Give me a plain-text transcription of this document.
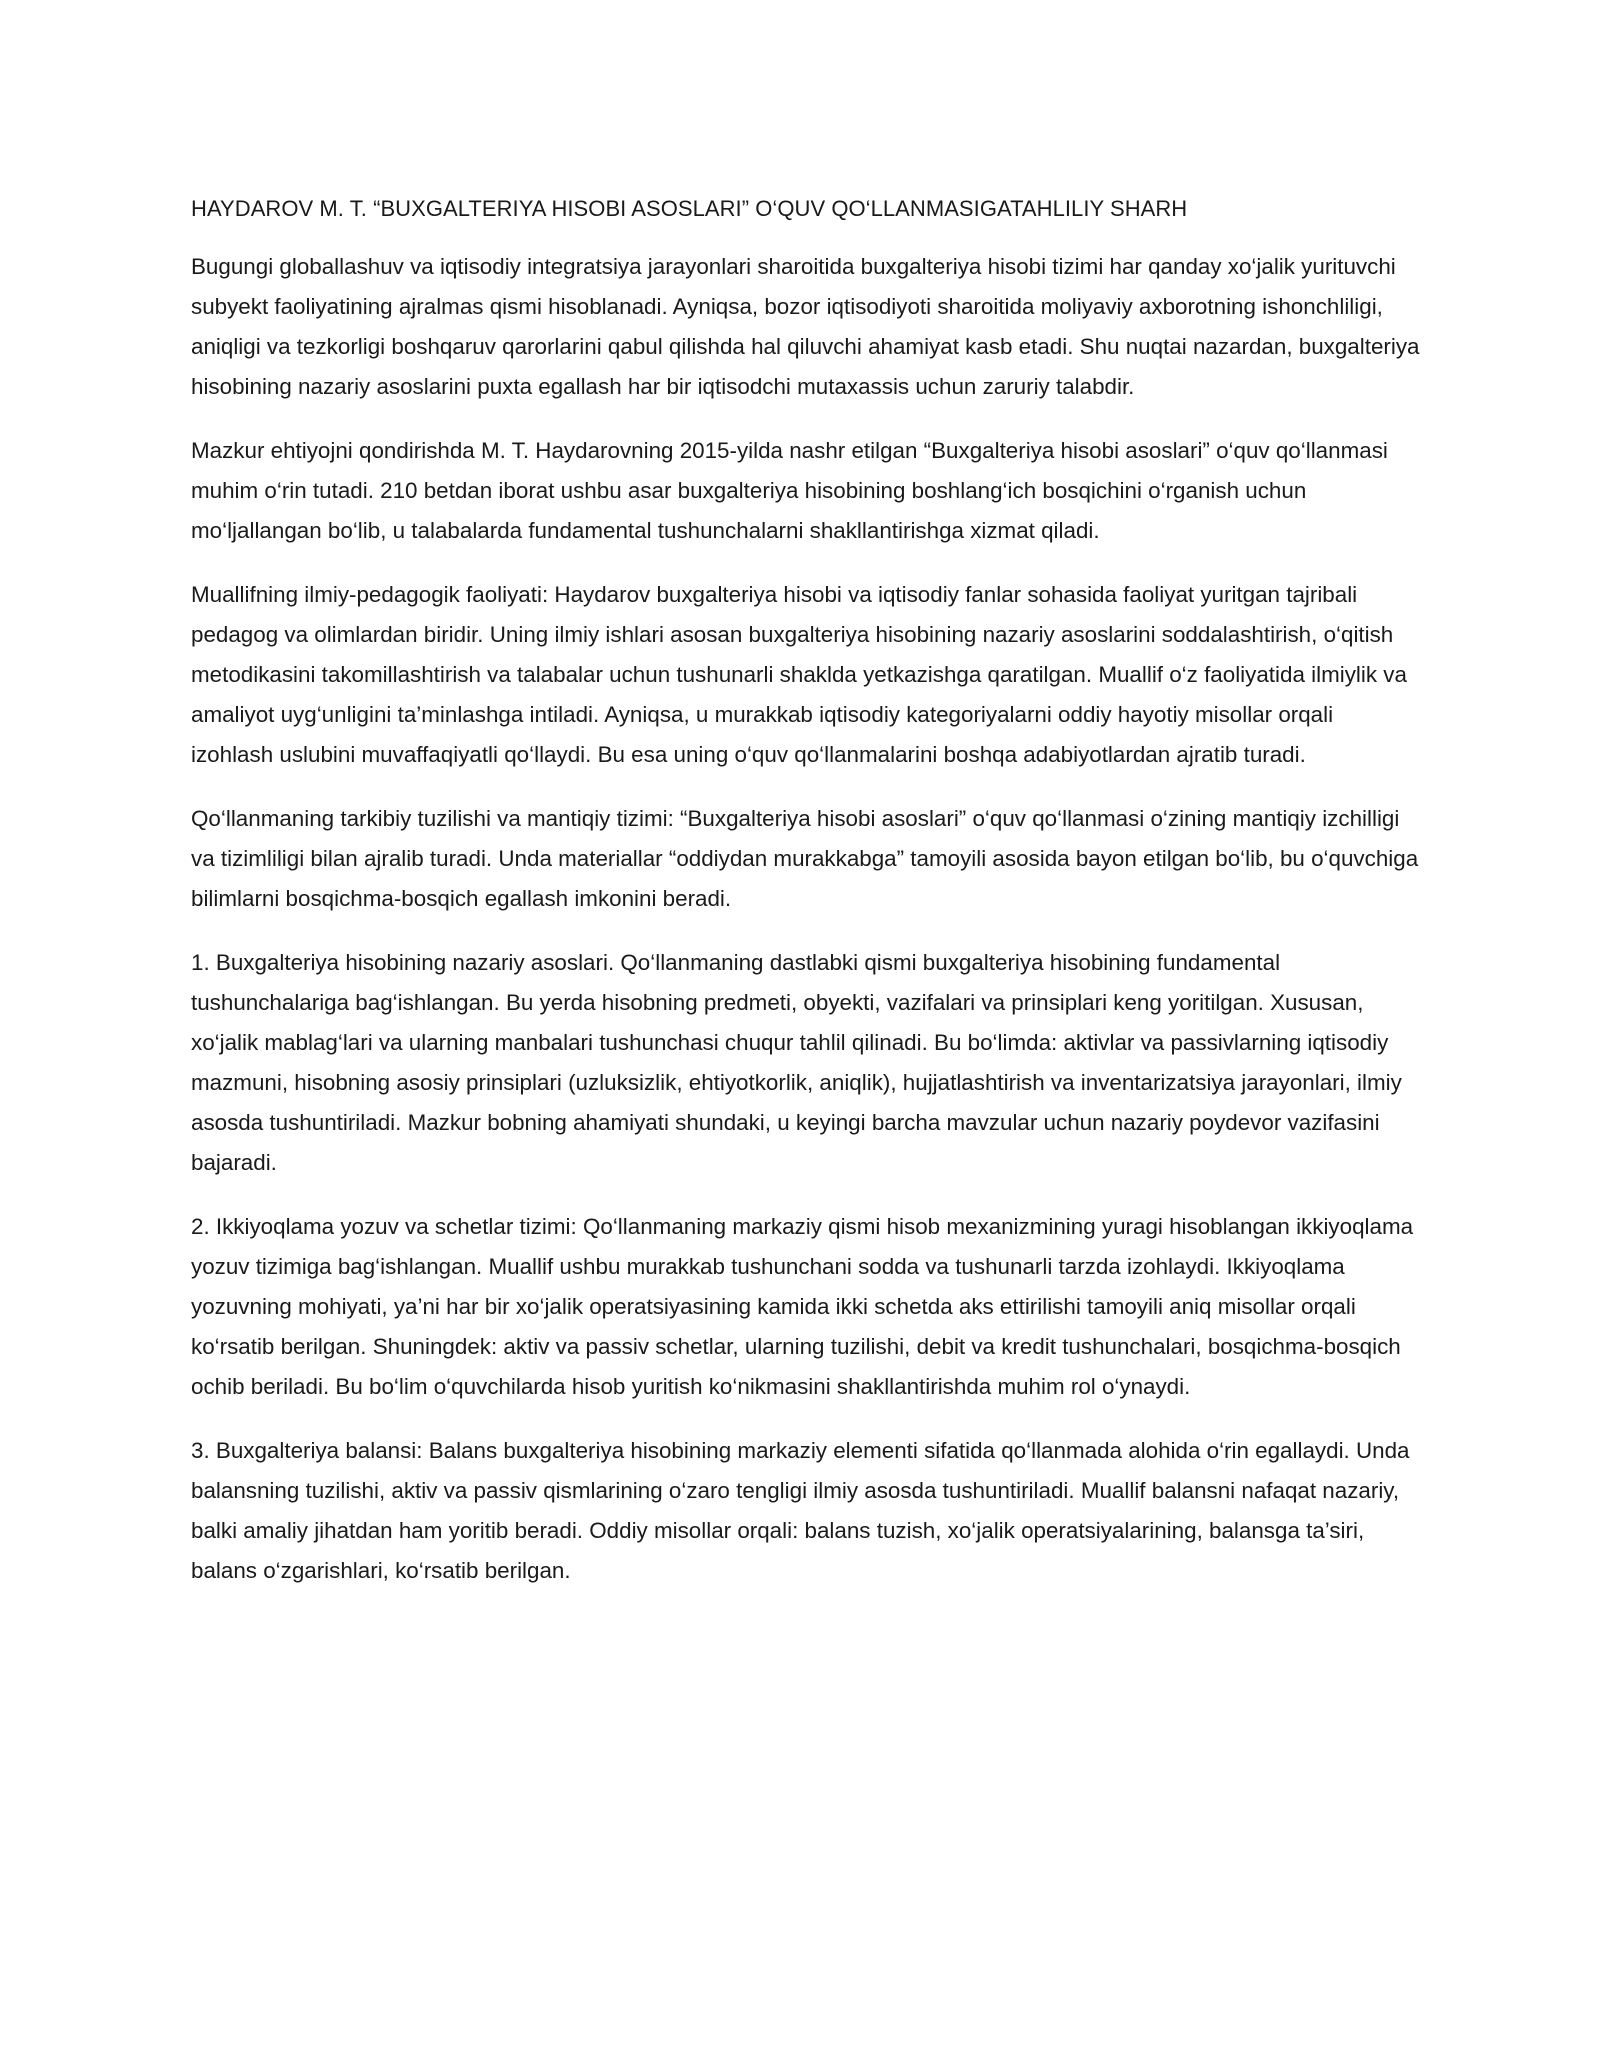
HAYDAROV M. T. “BUXGALTERIYA HISOBI ASOSLARI” O‘QUV QO‘LLANMASIGATAHLILIY SHARH

Bugungi globallashuv va iqtisodiy integratsiya jarayonlari sharoitida buxgalteriya hisobi tizimi har qanday xo‘jalik yurituvchi subyekt faoliyatining ajralmas qismi hisoblanadi. Ayniqsa, bozor iqtisodiyoti sharoitida moliyaviy axborotning ishonchliligi, aniqligi va tezkorligi boshqaruv qarorlarini qabul qilishda hal qiluvchi ahamiyat kasb etadi. Shu nuqtai nazardan, buxgalteriya hisobining nazariy asoslarini puxta egallash har bir iqtisodchi mutaxassis uchun zaruriy talabdir.

Mazkur ehtiyojni qondirishda M. T. Haydarovning 2015-yilda nashr etilgan “Buxgalteriya hisobi asoslari” o‘quv qo‘llanmasi muhim o‘rin tutadi. 210 betdan iborat ushbu asar buxgalteriya hisobining boshlang‘ich bosqichini o‘rganish uchun mo‘ljallangan bo‘lib, u talabalarda fundamental tushunchalarni shakllantirishga xizmat qiladi.

Muallifning ilmiy-pedagogik faoliyati: Haydarov buxgalteriya hisobi va iqtisodiy fanlar sohasida faoliyat yuritgan tajribali pedagog va olimlardan biridir. Uning ilmiy ishlari asosan buxgalteriya hisobining nazariy asoslarini soddalashtirish, o‘qitish metodikasini takomillashtirish va talabalar uchun tushunarli shaklda yetkazishga qaratilgan. Muallif o‘z faoliyatida ilmiylik va amaliyot uyg‘unligini ta’minlashga intiladi. Ayniqsa, u murakkab iqtisodiy kategoriyalarni oddiy hayotiy misollar orqali izohlash uslubini muvaffaqiyatli qo‘llaydi. Bu esa uning o‘quv qo‘llanmalarini boshqa adabiyotlardan ajratib turadi.

Qo‘llanmaning tarkibiy tuzilishi va mantiqiy tizimi: “Buxgalteriya hisobi asoslari” o‘quv qo‘llanmasi o‘zining mantiqiy izchilligi va tizimliligi bilan ajralib turadi. Unda materiallar “oddiydan murakkabga” tamoyili asosida bayon etilgan bo‘lib, bu o‘quvchiga bilimlarni bosqichma-bosqich egallash imkonini beradi.

1. Buxgalteriya hisobining nazariy asoslari. Qo‘llanmaning dastlabki qismi buxgalteriya hisobining fundamental tushunchalariga bag‘ishlangan. Bu yerda hisobning predmeti, obyekti, vazifalari va prinsiplari keng yoritilgan. Xususan, xo‘jalik mablag‘lari va ularning manbalari tushunchasi chuqur tahlil qilinadi. Bu bo‘limda: aktivlar va passivlarning iqtisodiy mazmuni, hisobning asosiy prinsiplari (uzluksizlik, ehtiyotkorlik, aniqlik), hujjatlashtirish va inventarizatsiya jarayonlari, ilmiy asosda tushuntiriladi. Mazkur bobning ahamiyati shundaki, u keyingi barcha mavzular uchun nazariy poydevor vazifasini bajaradi.

2. Ikkiyoqlama yozuv va schetlar tizimi: Qo‘llanmaning markaziy qismi hisob mexanizmining yuragi hisoblangan ikkiyoqlama yozuv tizimiga bag‘ishlangan. Muallif ushbu murakkab tushunchani sodda va tushunarli tarzda izohlaydi. Ikkiyoqlama yozuvning mohiyati, ya’ni har bir xo‘jalik operatsiyasining kamida ikki schetda aks ettirilishi tamoyili aniq misollar orqali ko‘rsatib berilgan. Shuningdek: aktiv va passiv schetlar, ularning tuzilishi, debit va kredit tushunchalari, bosqichma-bosqich ochib beriladi. Bu bo‘lim o‘quvchilarda hisob yuritish ko‘nikmasini shakllantirishda muhim rol o‘ynaydi.

3. Buxgalteriya balansi: Balans buxgalteriya hisobining markaziy elementi sifatida qo‘llanmada alohida o‘rin egallaydi. Unda balansning tuzilishi, aktiv va passiv qismlarining o‘zaro tengligi ilmiy asosda tushuntiriladi. Muallif balansni nafaqat nazariy, balki amaliy jihatdan ham yoritib beradi. Oddiy misollar orqali: balans tuzish, xo‘jalik operatsiyalarining, balansga ta’siri, balans o‘zgarishlari, ko‘rsatib berilgan.
